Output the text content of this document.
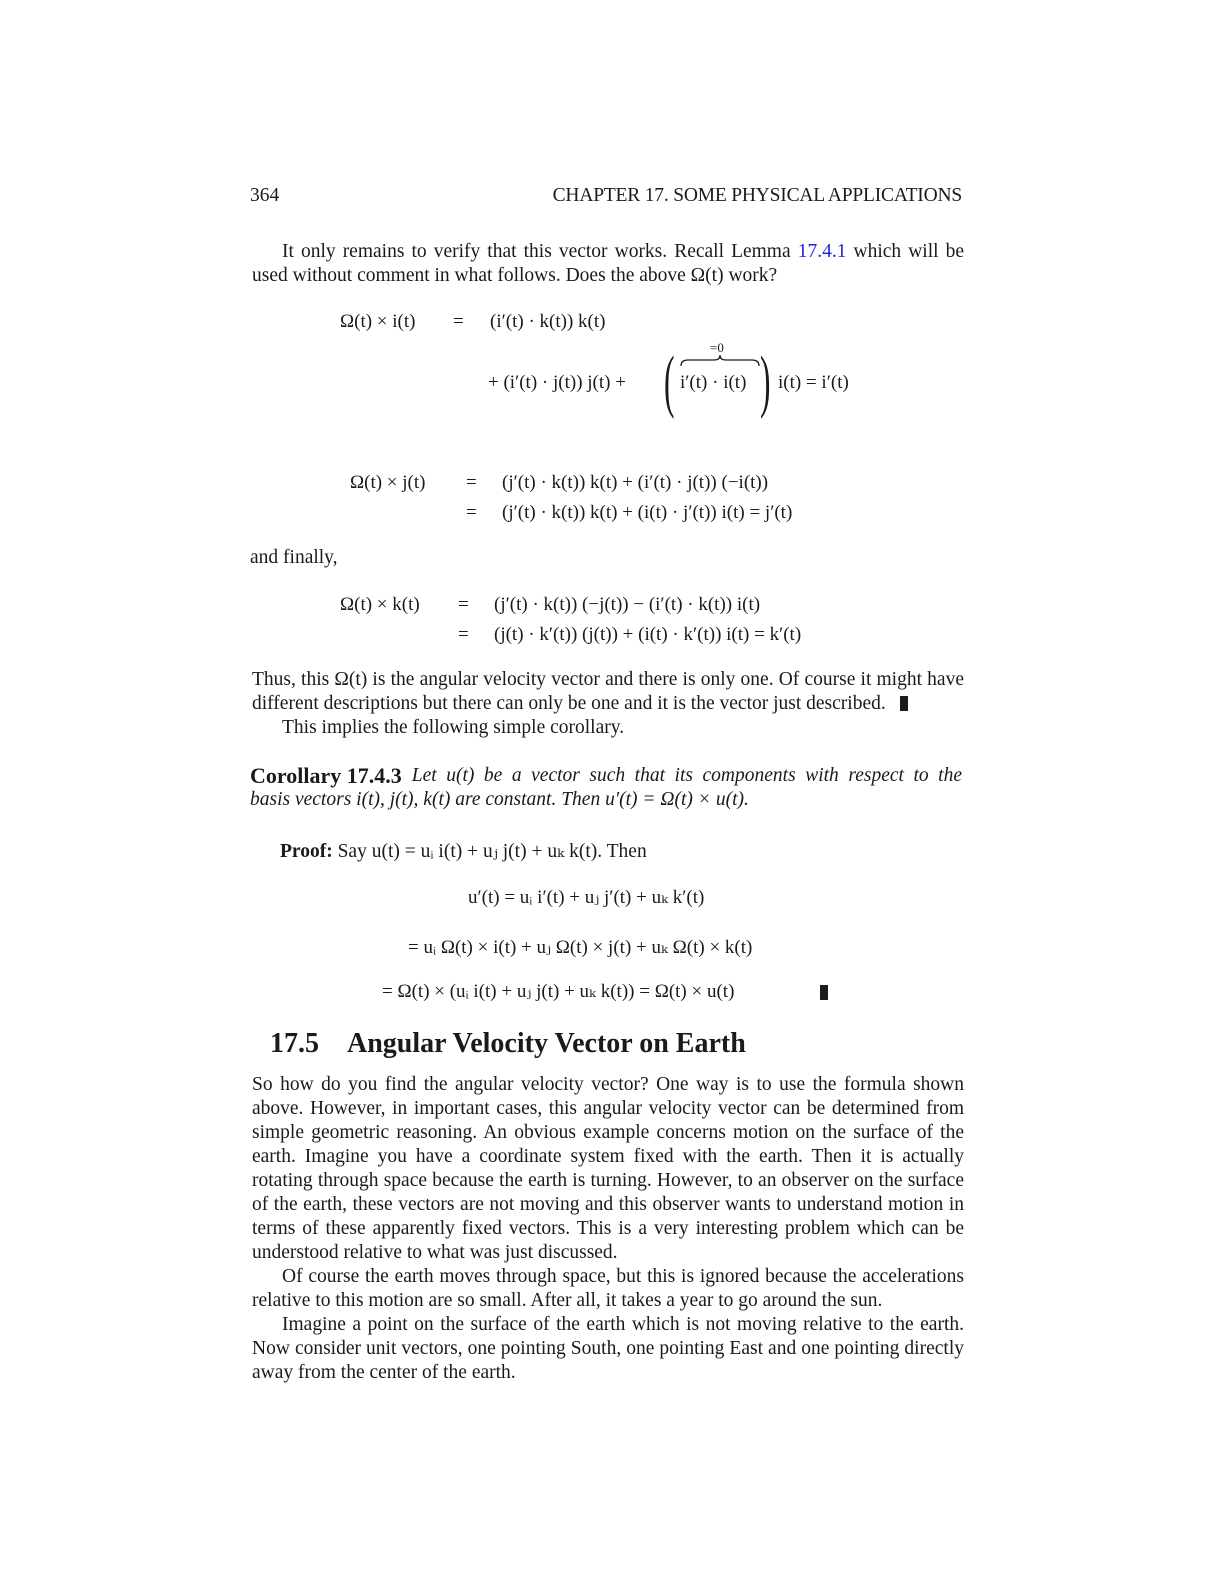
364	CHAPTER 17. SOME PHYSICAL APPLICATIONS
It only remains to verify that this vector works. Recall Lemma 17.4.1 which will be
used without comment in what follows. Does the above Ω(t) work?
Ω(t) × i(t) = (i′(t) · k(t)) k(t)
+ (i′(t) · j(t)) j(t) + ( )
=0
i′(t) · i(t) i(t) = i′(t)
Ω(t) × j(t) = (j′(t) · k(t)) k(t) + (i′(t) · j(t)) (−i(t))
= (j′(t) · k(t)) k(t) + (i(t) · j′(t)) i(t) = j′(t)
and finally,
Ω(t) × k(t) = (j′(t) · k(t)) (−j(t)) − (i′(t) · k(t)) i(t)
= (j(t) · k′(t)) (j(t)) + (i(t) · k′(t)) i(t) = k′(t)
Thus, this Ω(t) is the angular velocity vector and there is only one. Of course it might have
different descriptions but there can only be one and it is the vector just described.
This implies the following simple corollary.
Corollary 17.4.3 Let u(t) be a vector such that its components with respect to the
basis vectors i(t), j(t), k(t) are constant. Then u′(t) = Ω(t) × u(t).
Proof: Say u(t) = uᵢ i(t) + uⱼ j(t) + uₖ k(t). Then
u′(t) = uᵢ i′(t) + uⱼ j′(t) + uₖ k′(t)
= uᵢ Ω(t) × i(t) + uⱼ Ω(t) × j(t) + uₖ Ω(t) × k(t)
= Ω(t) × (uᵢ i(t) + uⱼ j(t) + uₖ k(t)) = Ω(t) × u(t)
17.5 Angular Velocity Vector on Earth
So how do you find the angular velocity vector? One way is to use the formula shown
above. However, in important cases, this angular velocity vector can be determined from
simple geometric reasoning. An obvious example concerns motion on the surface of the
earth. Imagine you have a coordinate system fixed with the earth. Then it is actually
rotating through space because the earth is turning. However, to an observer on the surface
of the earth, these vectors are not moving and this observer wants to understand motion in
terms of these apparently fixed vectors. This is a very interesting problem which can be
understood relative to what was just discussed.
Of course the earth moves through space, but this is ignored because the accelerations
relative to this motion are so small. After all, it takes a year to go around the sun.
Imagine a point on the surface of the earth which is not moving relative to the earth.
Now consider unit vectors, one pointing South, one pointing East and one pointing directly
away from the center of the earth.
